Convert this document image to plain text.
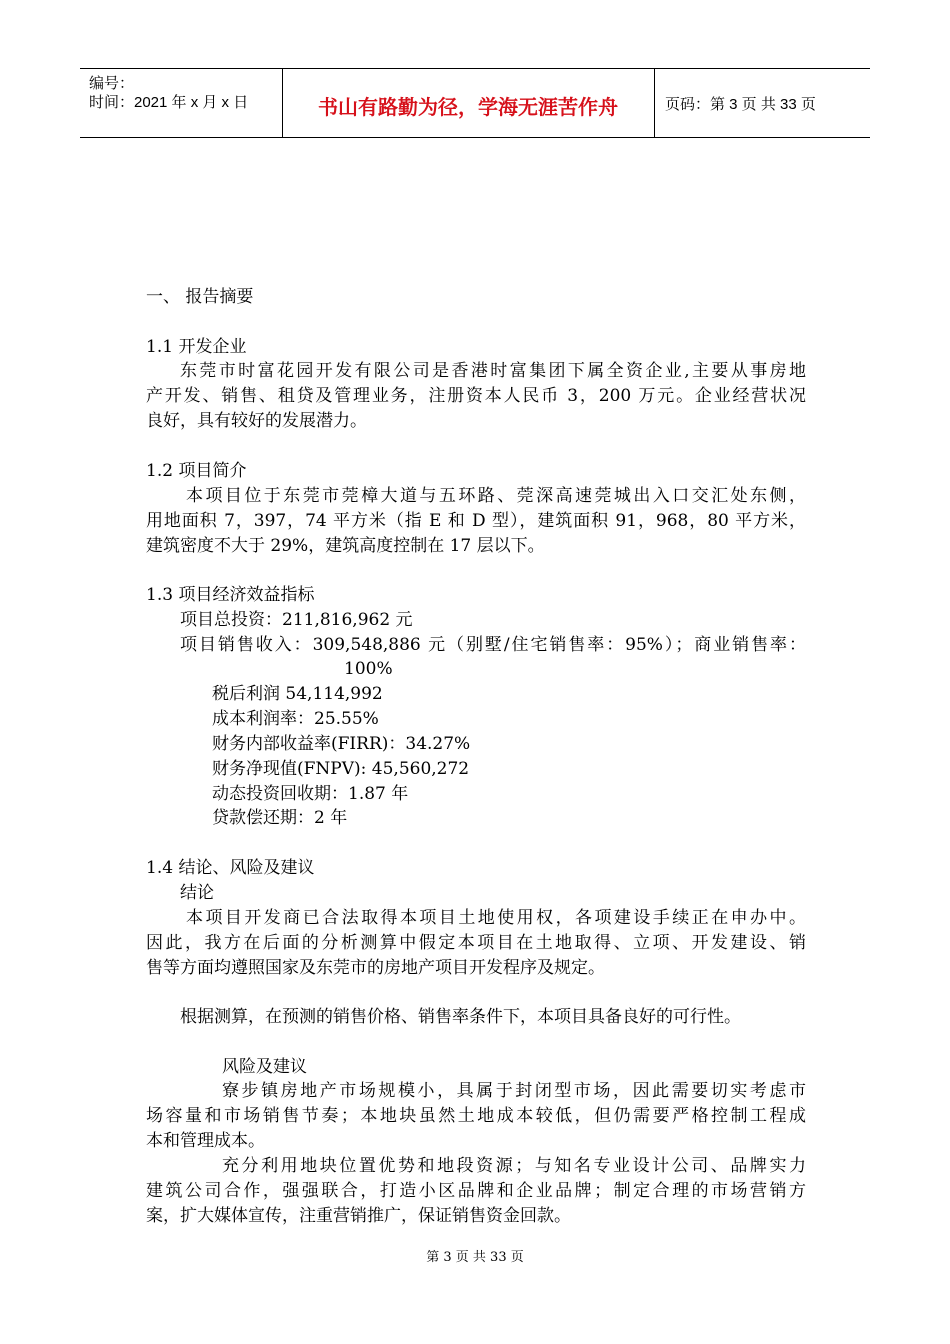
编号：
时间：2021 年 x 月 x 日	书山有路勤为径，学海无涯苦作舟	页码：第 3 页 共 33 页
一、 报告摘要
1.1 开发企业
东莞市时富花园开发有限公司是香港时富集团下属全资企业,主要从事房地
产开发、销售、租贷及管理业务，注册资本人民币 3，200 万元。企业经营状况
良好，具有较好的发展潜力。
1.2 项目简介
本项目位于东莞市莞樟大道与五环路、莞深高速莞城出入口交汇处东侧，
用地面积 7，397，74 平方米（指 E 和 D 型），建筑面积 91，968，80 平方米，
建筑密度不大于 29%，建筑高度控制在 17 层以下。
1.3 项目经济效益指标
项目总投资：211,816,962 元
项目销售收入：309,548,886 元（别墅/住宅销售率：95%）；商业销售率：
100%
税后利润 54,114,992
成本利润率：25.55%
财务内部收益率(FIRR)：34.27%
财务净现值(FNPV): 45,560,272
动态投资回收期：1.87 年
贷款偿还期：2 年
1.4 结论、风险及建议
结论
本项目开发商已合法取得本项目土地使用权，各项建设手续正在申办中。
因此，我方在后面的分析测算中假定本项目在土地取得、立项、开发建设、销
售等方面均遵照国家及东莞市的房地产项目开发程序及规定。
根据测算，在预测的销售价格、销售率条件下，本项目具备良好的可行性。
风险及建议
寮步镇房地产市场规模小，具属于封闭型市场，因此需要切实考虑市
场容量和市场销售节奏；本地块虽然土地成本较低，但仍需要严格控制工程成
本和管理成本。
充分利用地块位置优势和地段资源；与知名专业设计公司、品牌实力
建筑公司合作，强强联合，打造小区品牌和企业品牌；制定合理的市场营销方
案，扩大媒体宣传，注重营销推广，保证销售资金回款。
第 3 页 共 33 页
